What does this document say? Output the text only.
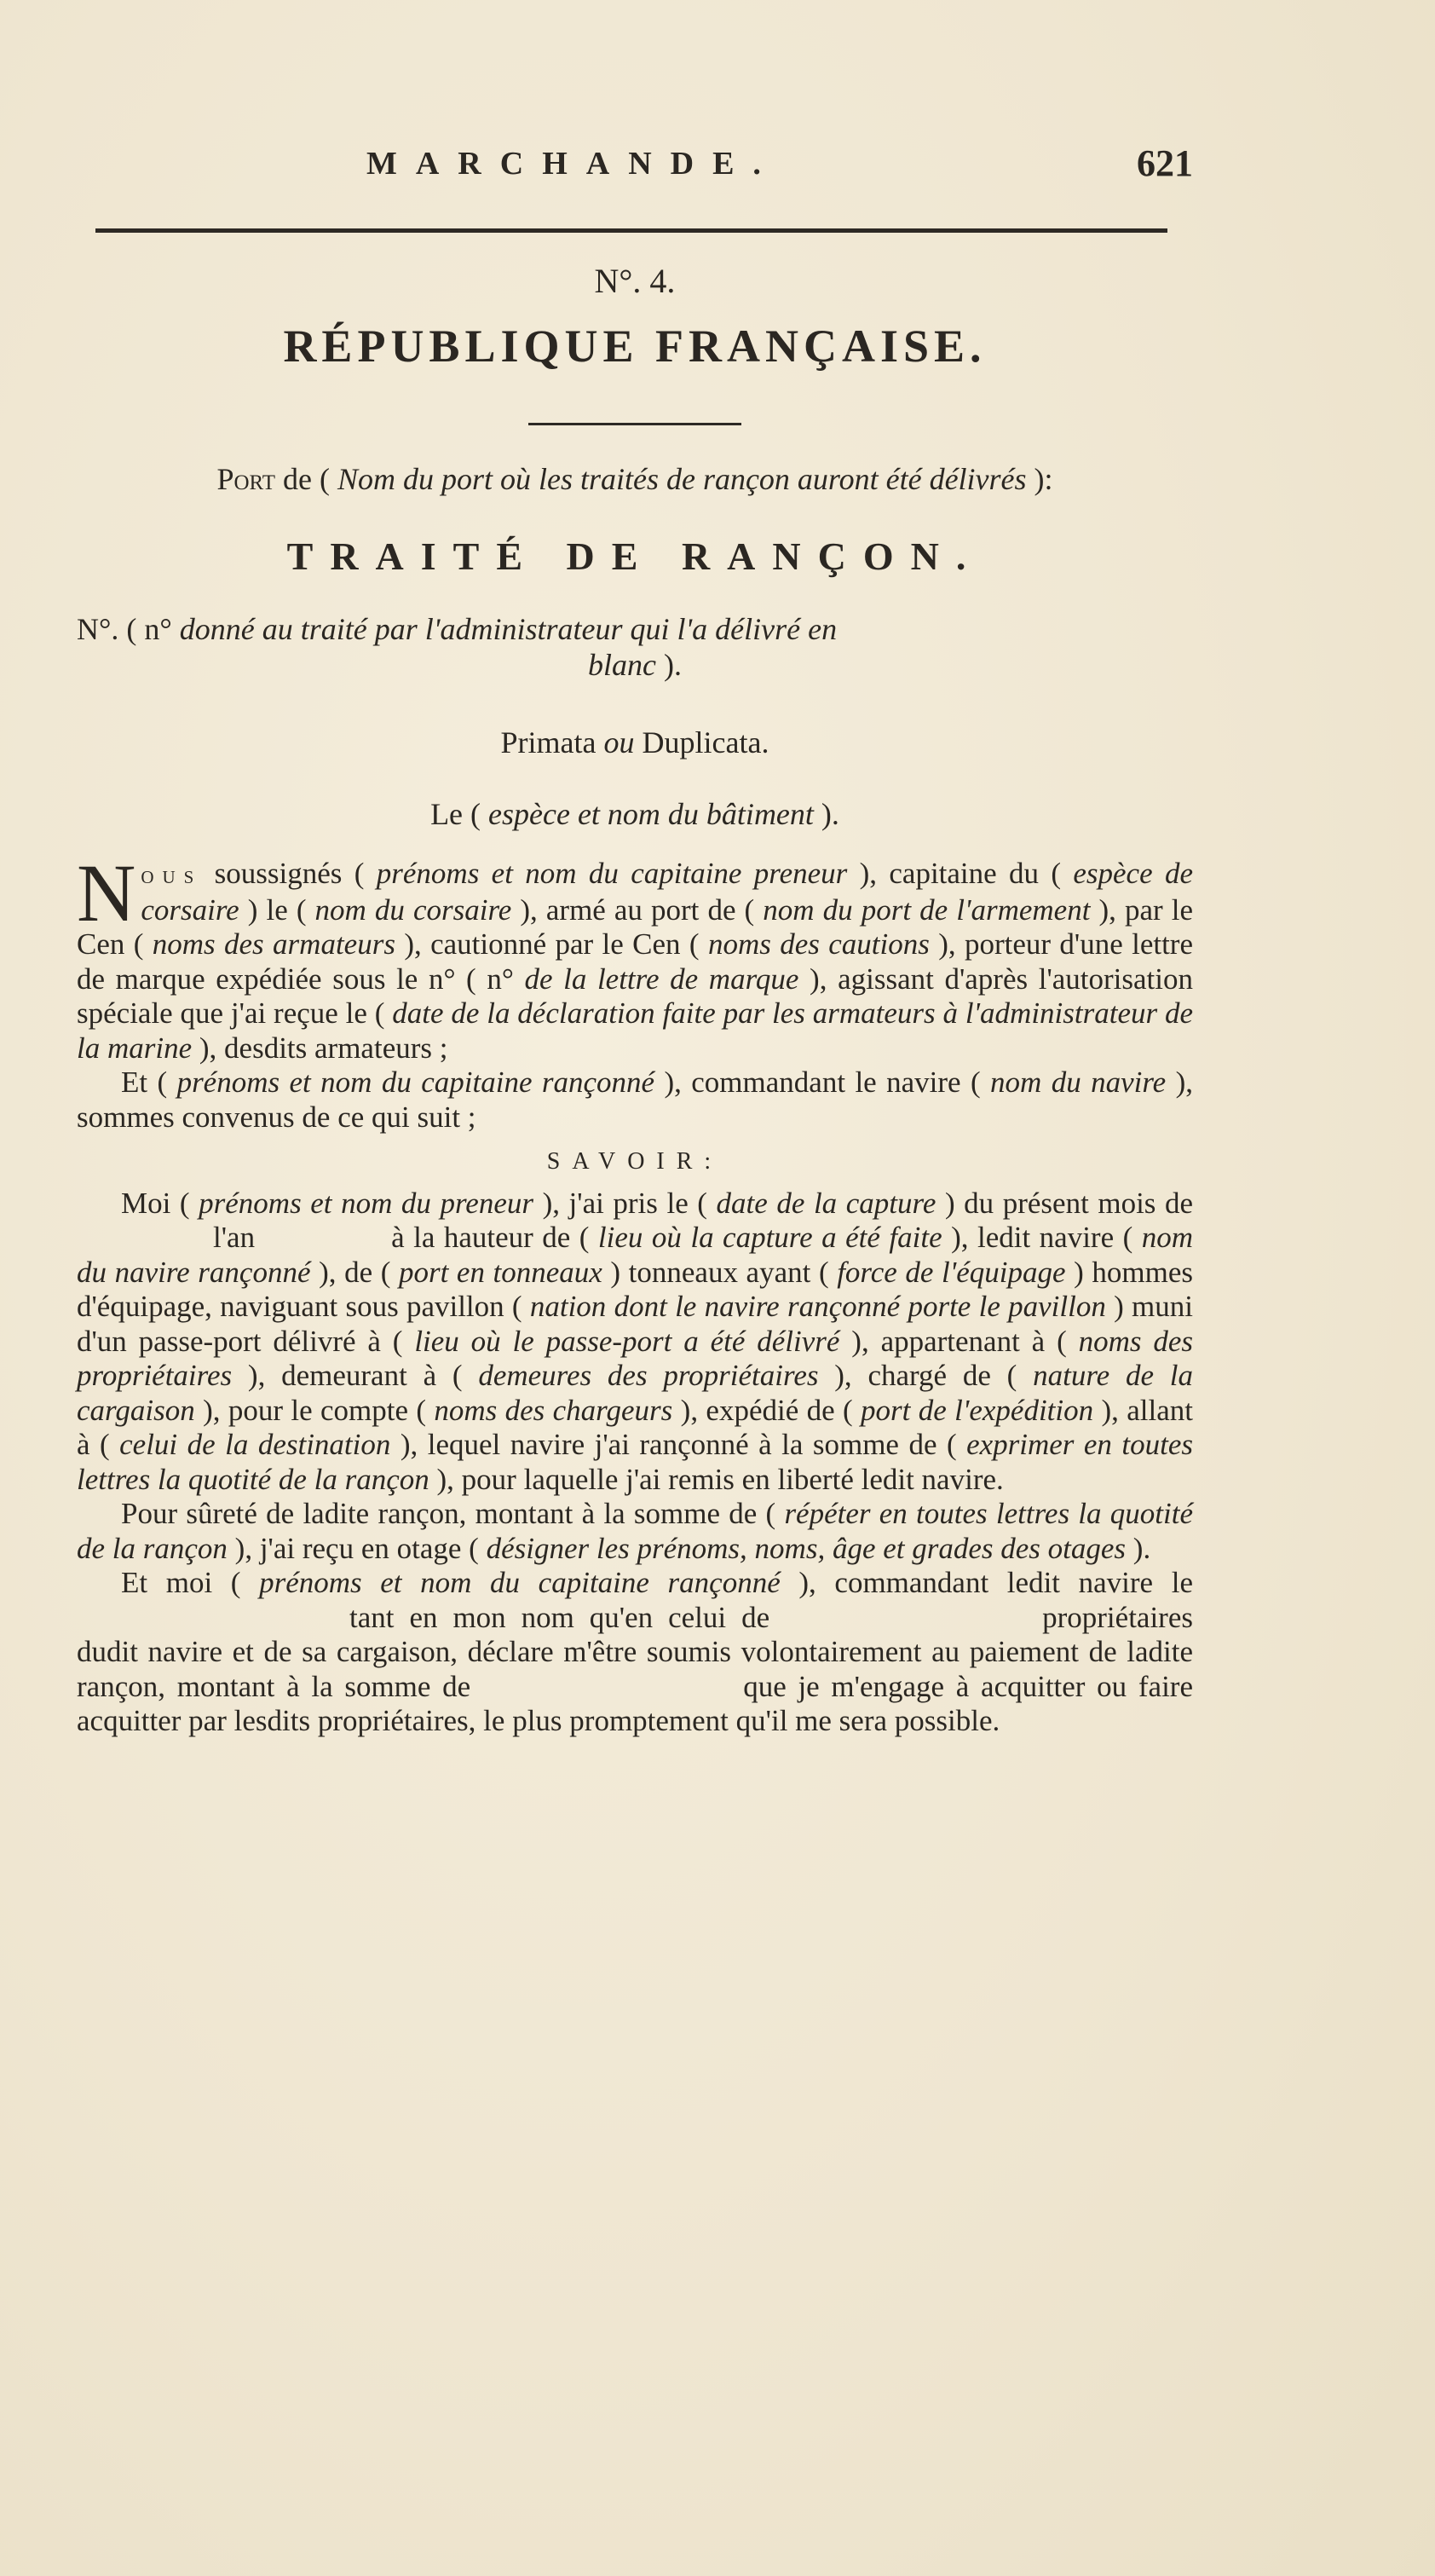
MARCHANDE.	621
N°. 4.
RÉPUBLIQUE FRANÇAISE.
Port de ( Nom du port où les traités de rançon auront été délivrés ):
TRAITÉ DE RANÇON.
N°. ( n° donné au traité par l'administrateur qui l'a délivré en
blanc ).
Primata ou Duplicata.
Le ( espèce et nom du bâtiment ).

Nous soussignés ( prénoms et nom du capitaine preneur ), capitaine du ( espèce de corsaire ) le ( nom du corsaire ), armé au port de ( nom du port de l'armement ), par le Cen ( noms des armateurs ), cautionné par le Cen ( noms des cautions ), porteur d'une lettre de marque expédiée sous le n° ( n° de la lettre de marque ), agissant d'après l'autorisation spéciale que j'ai reçue le ( date de la déclaration faite par les armateurs à l'administrateur de la marine ), desdits armateurs ;

Et ( prénoms et nom du capitaine rançonné ), commandant le navire ( nom du navire ), sommes convenus de ce qui suit ;

SAVOIR:

Moi ( prénoms et nom du preneur ), j'ai pris le ( date de la capture ) du présent mois del'an	à la hauteur de ( lieu où la capture a été faite ), ledit navire ( nom du navire rançonné ), de ( port en tonneaux ) tonneaux ayant ( force de l'équipage ) hommes d'équipage, naviguant sous pavillon ( nation dont le navire rançonné porte le pavillon ) muni d'un passe-port délivré à ( lieu où le passe-port a été délivré ), appartenant à ( noms des propriétaires ), demeurant à ( demeures des propriétaires ), chargé de ( nature de la cargaison ), pour le compte ( noms des chargeurs ), expédié de ( port de l'expédition ), allant à ( celui de la destination ), lequel navire j'ai rançonné à la somme de ( exprimer en toutes lettres la quotité de la rançon ), pour laquelle j'ai remis en liberté ledit navire.

Pour sûreté de ladite rançon, montant à la somme de ( répéter en toutes lettres la quotité de la rançon ), j'ai reçu en otage ( désigner les prénoms, noms, âge et grades des otages ).

Et moi ( prénoms et nom du capitaine rançonné ), commandant ledit navire letant en mon nom qu'en celui de	propriétaires dudit navire et de sa cargaison, déclare m'être soumis volontairement au paiement de ladite rançon, montant à la somme de	que je m'engage à acquitter ou faire acquitter par lesdits propriétaires, le plus promptement qu'il me sera possible.
